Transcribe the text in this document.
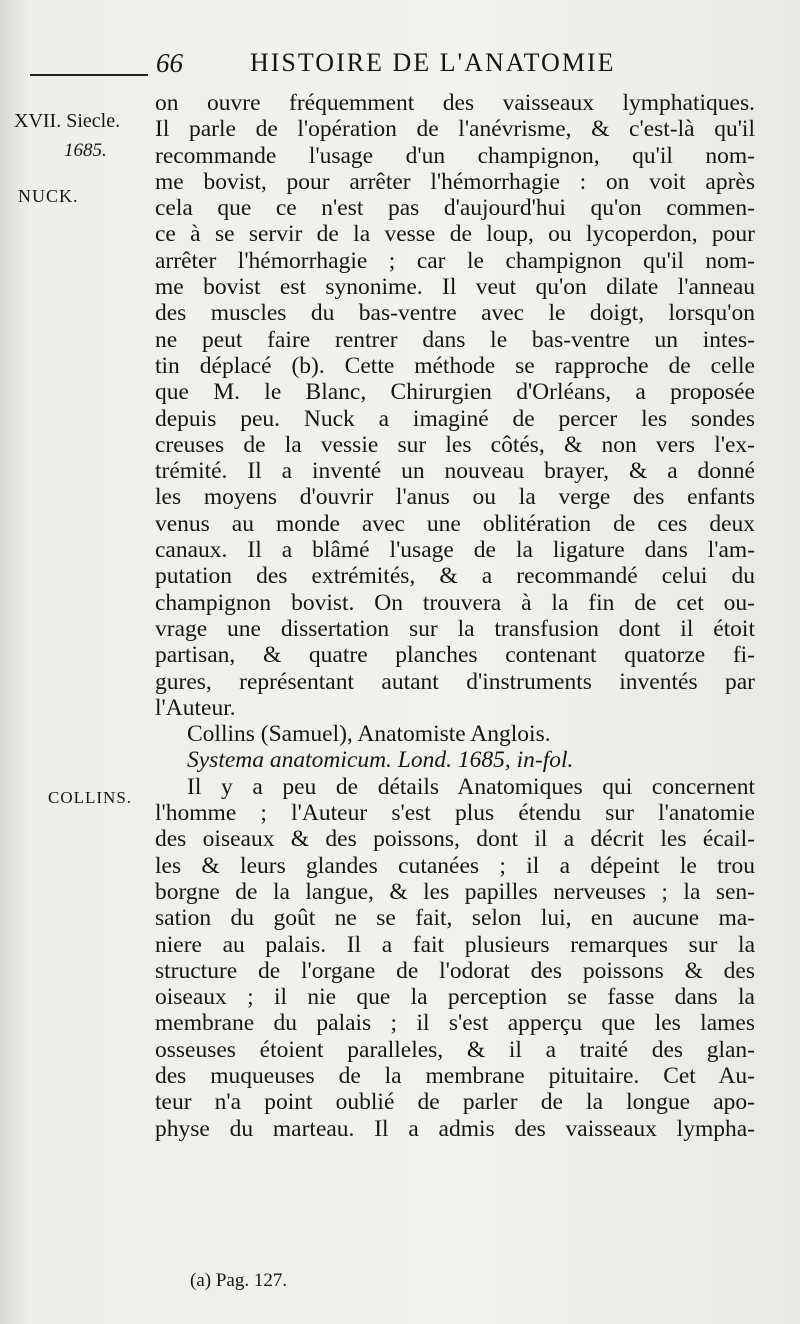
66	HISTOIRE DE L'ANATOMIE
XVII. Siecle.
1685.
NUCK.
COLLINS.
on ouvre fréquemment des vaisseaux lymphatiques.
Il parle de l'opération de l'anévrisme, & c'est-là qu'il
recommande l'usage d'un champignon, qu'il nom-
me bovist, pour arrêter l'hémorrhagie : on voit après
cela que ce n'est pas d'aujourd'hui qu'on commen-
ce à se servir de la vesse de loup, ou lycoperdon, pour
arrêter l'hémorrhagie ; car le champignon qu'il nom-
me bovist est synonime. Il veut qu'on dilate l'anneau
des muscles du bas-ventre avec le doigt, lorsqu'on
ne peut faire rentrer dans le bas-ventre un intes-
tin déplacé (b). Cette méthode se rapproche de celle
que M. le Blanc, Chirurgien d'Orléans, a proposée
depuis peu. Nuck a imaginé de percer les sondes
creuses de la vessie sur les côtés, & non vers l'ex-
trémité. Il a inventé un nouveau brayer, & a donné
les moyens d'ouvrir l'anus ou la verge des enfants
venus au monde avec une oblitération de ces deux
canaux. Il a blâmé l'usage de la ligature dans l'am-
putation des extrémités, & a recommandé celui du
champignon bovist. On trouvera à la fin de cet ou-
vrage une dissertation sur la transfusion dont il étoit
partisan, & quatre planches contenant quatorze fi-
gures, représentant autant d'instruments inventés par
l'Auteur.
Collins (Samuel), Anatomiste Anglois.
Systema anatomicum. Lond. 1685, in-fol.
Il y a peu de détails Anatomiques qui concernent
l'homme ; l'Auteur s'est plus étendu sur l'anatomie
des oiseaux & des poissons, dont il a décrit les écail-
les & leurs glandes cutanées ; il a dépeint le trou
borgne de la langue, & les papilles nerveuses ; la sen-
sation du goût ne se fait, selon lui, en aucune ma-
niere au palais. Il a fait plusieurs remarques sur la
structure de l'organe de l'odorat des poissons & des
oiseaux ; il nie que la perception se fasse dans la
membrane du palais ; il s'est apperçu que les lames
osseuses étoient paralleles, & il a traité des glan-
des muqueuses de la membrane pituitaire. Cet Au-
teur n'a point oublié de parler de la longue apo-
physe du marteau. Il a admis des vaisseaux lympha-
(a) Pag. 127.
